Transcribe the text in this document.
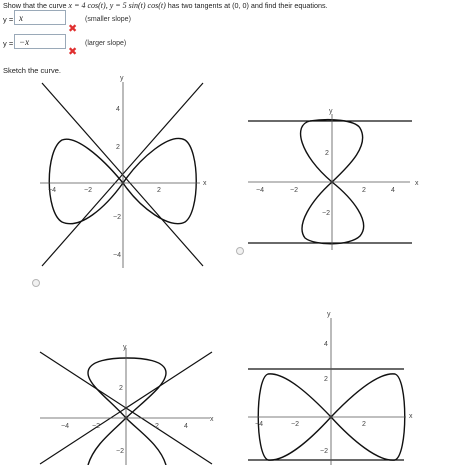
Show that the curve x = 4 cos(t), y = 5 sin(t) cos(t) has two tangents at (0, 0) and find their equations.
y = x	(smaller slope)
✖
y = −x	(larger slope)
✖
Sketch the curve.
x
y
−4	−2	2
4
2
−2
−4
x
y
−4	−2	2	4
2
−2
x
y
−4	−2	2	4
2
−2
x
y
−4	−2	2
4
2
−2
